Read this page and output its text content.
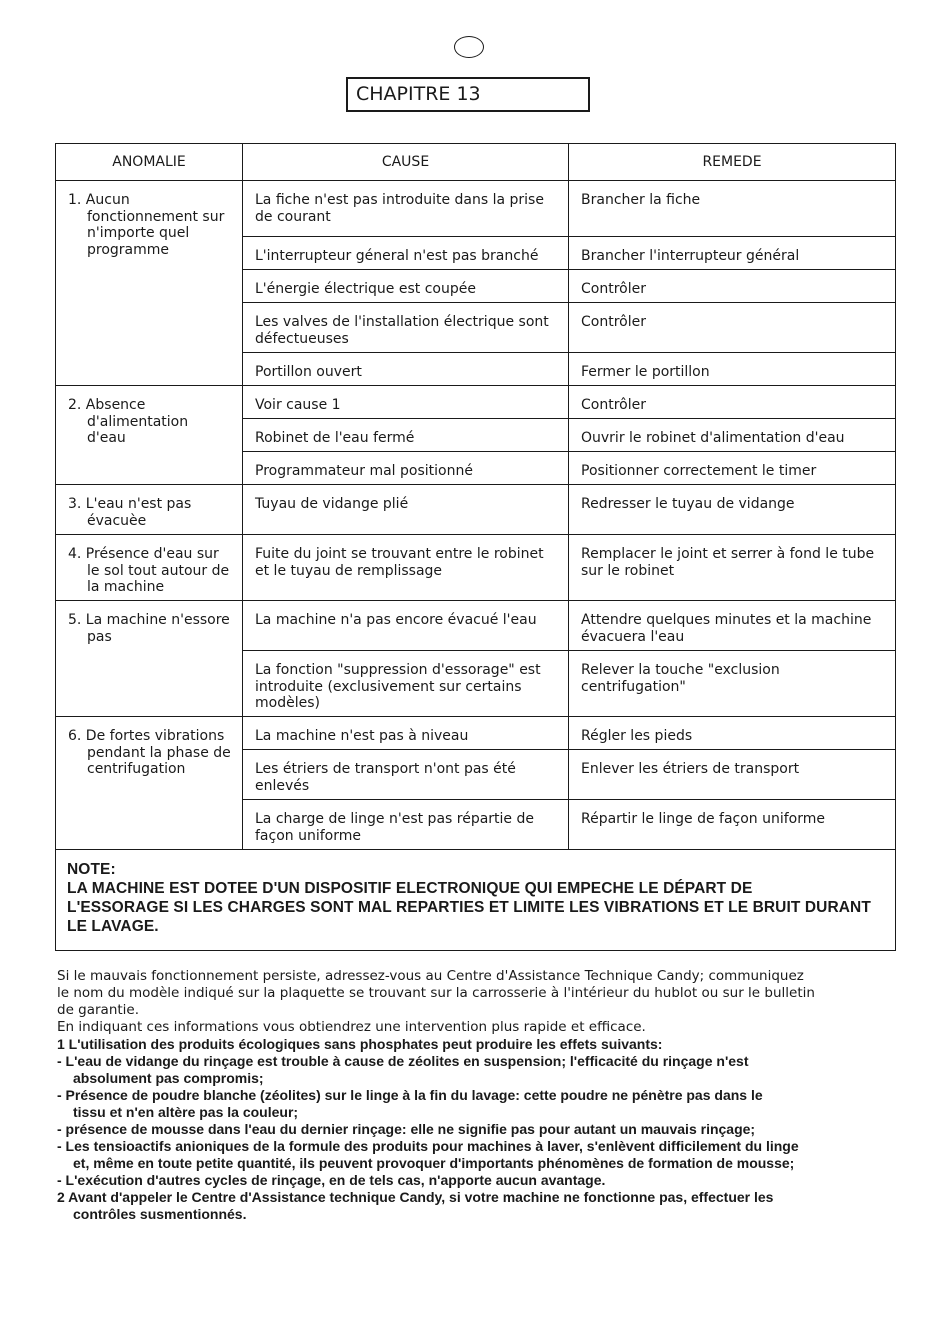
CHAPITRE 13
ANOMALIE	CAUSE	REMEDE

1. Aucun fonctionnement sur n'importe quel programme	La fiche n'est pas introduite dans la prise de courant	Brancher la fiche
	L'interrupteur géneral n'est pas branché	Brancher l'interrupteur général
	L'énergie électrique est coupée	Contrôler
	Les valves de l'installation électrique sont défectueuses	Contrôler
	Portillon ouvert	Fermer le portillon

2. Absence d'alimentation d'eau	Voir cause 1	Contrôler
	Robinet de l'eau fermé	Ouvrir le robinet d'alimentation d'eau
	Programmateur mal positionné	Positionner correctement le timer

3. L'eau n'est pas évacuèe	Tuyau de vidange plié	Redresser le tuyau de vidange

4. Présence d'eau sur le sol tout autour de la machine	Fuite du joint se trouvant entre le robinet et le tuyau de remplissage	Remplacer le joint et serrer à fond le tube sur le robinet

5. La machine n'essore pas	La machine n'a pas encore évacué l'eau	Attendre quelques minutes et la machine évacuera l'eau
	La fonction "suppression d'essorage" est introduite (exclusivement sur certains modèles)	Relever la touche "exclusion centrifugation"

6. De fortes vibrations pendant la phase de centrifugation	La machine n'est pas à niveau	Régler les pieds
	Les étriers de transport n'ont pas été enlevés	Enlever les étriers de transport
	La charge de linge n'est pas répartie de façon uniforme	Répartir le linge de façon uniforme

NOTE:
LA MACHINE EST DOTEE D'UN DISPOSITIF ELECTRONIQUE QUI EMPECHE LE DÉPART DE
L'ESSORAGE SI LES CHARGES SONT MAL REPARTIES ET LIMITE LES VIBRATIONS ET LE BRUIT DURANT
LE LAVAGE.		
Si le mauvais fonctionnement persiste, adressez-vous au Centre d'Assistance Technique Candy; communiquez
le nom du modèle indiqué sur la plaquette se trouvant sur la carrosserie à l'intérieur du hublot ou sur le bulletin
de garantie.
En indiquant ces informations vous obtiendrez une intervention plus rapide et efficace.
1 L'utilisation des produits écologiques sans phosphates peut produire les effets suivants:
- L'eau de vidange du rinçage est trouble à cause de zéolites en suspension; l'efficacité du rinçage n'est
absolument pas compromis;
- Présence de poudre blanche (zéolites) sur le linge à la fin du lavage: cette poudre ne pénètre pas dans le
tissu et n'en altère pas la couleur;
- présence de mousse dans l'eau du dernier rinçage: elle ne signifie pas pour autant un mauvais rinçage;
- Les tensioactifs anioniques de la formule des produits pour machines à laver, s'enlèvent difficilement du linge
et, même en toute petite quantité, ils peuvent provoquer d'importants phénomènes de formation de mousse;
- L'exécution d'autres cycles de rinçage, en de tels cas, n'apporte aucun avantage.
2 Avant d'appeler le Centre d'Assistance technique Candy, si votre machine ne fonctionne pas, effectuer les
contrôles susmentionnés.
